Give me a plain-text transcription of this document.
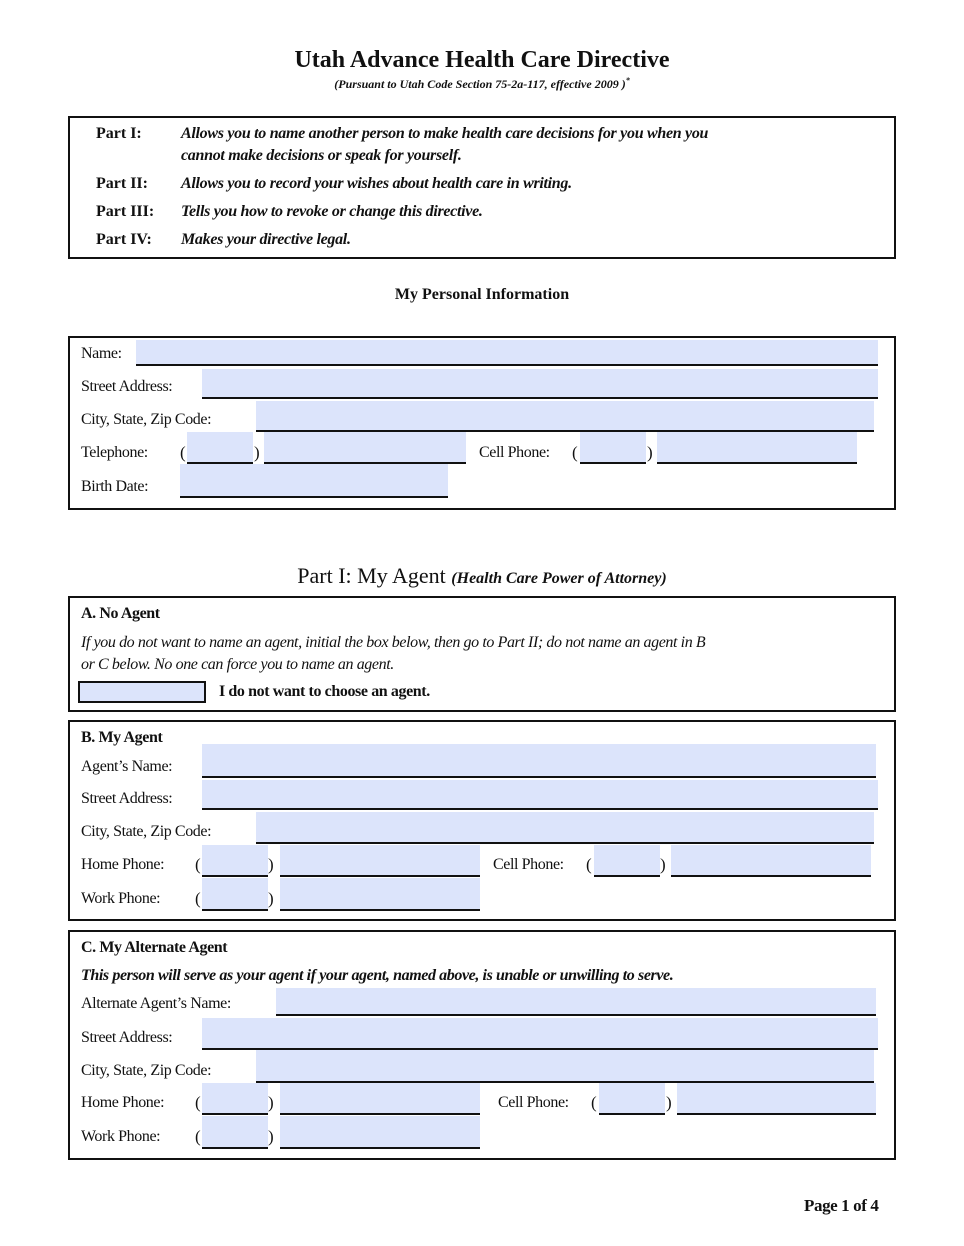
Utah Advance Health Care Directive
(Pursuant to Utah Code Section 75-2a-117, effective 2009 )*
Part I: Allows you to name another person to make health care decisions for you when you
cannot make decisions or speak for yourself.
Part II: Allows you to record your wishes about health care in writing.
Part III: Tells you how to revoke or change this directive.
Part IV: Makes your directive legal.
My Personal Information
Name:
Street Address:
City, State, Zip Code:
Telephone: (	)	Cell Phone: (	)
Birth Date:
Part I: My Agent (Health Care Power of Attorney)
A. No Agent
If you do not want to name an agent, initial the box below, then go to Part II; do not name an agent in B
or C below. No one can force you to name an agent.
I do not want to choose an agent.
B. My Agent
Agent’s Name:
Street Address:
City, State, Zip Code:
Home Phone: (	)	Cell Phone: (	)
Work Phone: (	)
C. My Alternate Agent
This person will serve as your agent if your agent, named above, is unable or unwilling to serve.
Alternate Agent’s Name:
Street Address:
City, State, Zip Code:
Home Phone: (	)	Cell Phone: (	)
Work Phone: (	)
Page 1 of 4
